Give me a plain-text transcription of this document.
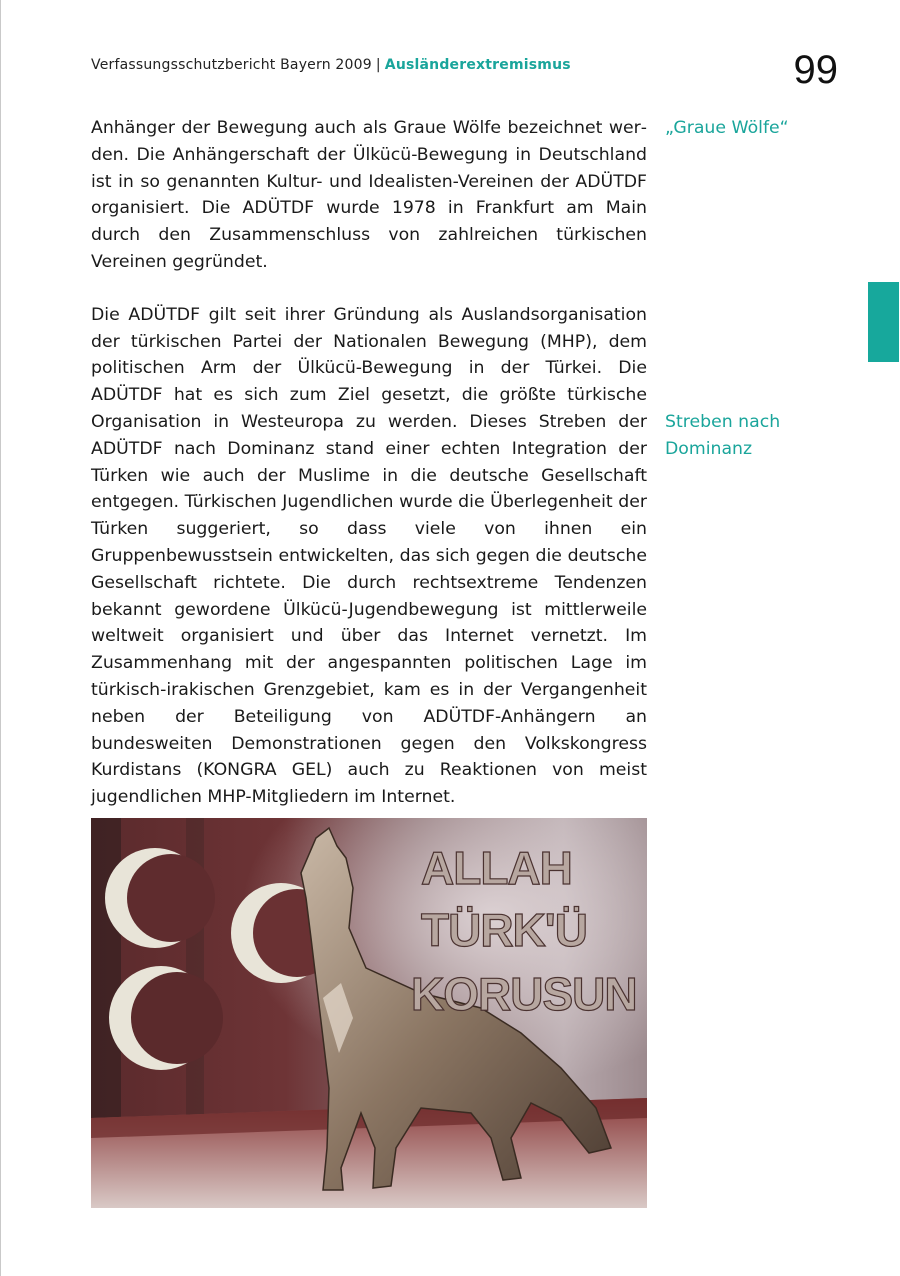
Verfassungsschutzbericht Bayern 2009 | Ausländerextremismus	99

Anhänger der Bewegung auch als Graue Wölfe bezeichnet werden. Die Anhängerschaft der Ülkücü-Bewegung in Deutschland ist in so genannten Kultur- und Idealisten-Vereinen der ADÜTDF organisiert. Die ADÜTDF wurde 1978 in Frankfurt am Main durch den Zusammenschluss von zahlreichen türkischen Vereinen gegründet.

Die ADÜTDF gilt seit ihrer Gründung als Auslandsorganisation der türkischen Partei der Nationalen Bewegung (MHP), dem politischen Arm der Ülkücü-Bewegung in der Türkei. Die ADÜTDF hat es sich zum Ziel gesetzt, die größte türkische Organisation in Westeuropa zu werden. Dieses Streben der ADÜTDF nach Dominanz stand einer echten Integration der Türken wie auch der Muslime in die deutsche Gesellschaft entgegen. Türkischen Jugendlichen wurde die Überlegenheit der Türken suggeriert, so dass viele von ihnen ein Gruppenbewusstsein entwickelten, das sich gegen die deutsche Gesellschaft richtete. Die durch rechtsextreme Tendenzen bekannt gewordene Ülkücü-Jugendbewegung ist mittlerweile weltweit organisiert und über das Internet vernetzt. Im Zusammenhang mit der angespannten politischen Lage im türkisch-irakischen Grenzgebiet, kam es in der Vergangenheit neben der Beteiligung von ADÜTDF-Anhängern an bundesweiten Demonstrationen gegen den Volkskongress Kurdistans (KONGRA GEL) auch zu Reaktionen von meist jugendlichen MHP-Mitgliedern im Internet.

„Graue Wölfe“
Streben nach Dominanz
ALLAH
TÜRK'Ü
KORUSUN
